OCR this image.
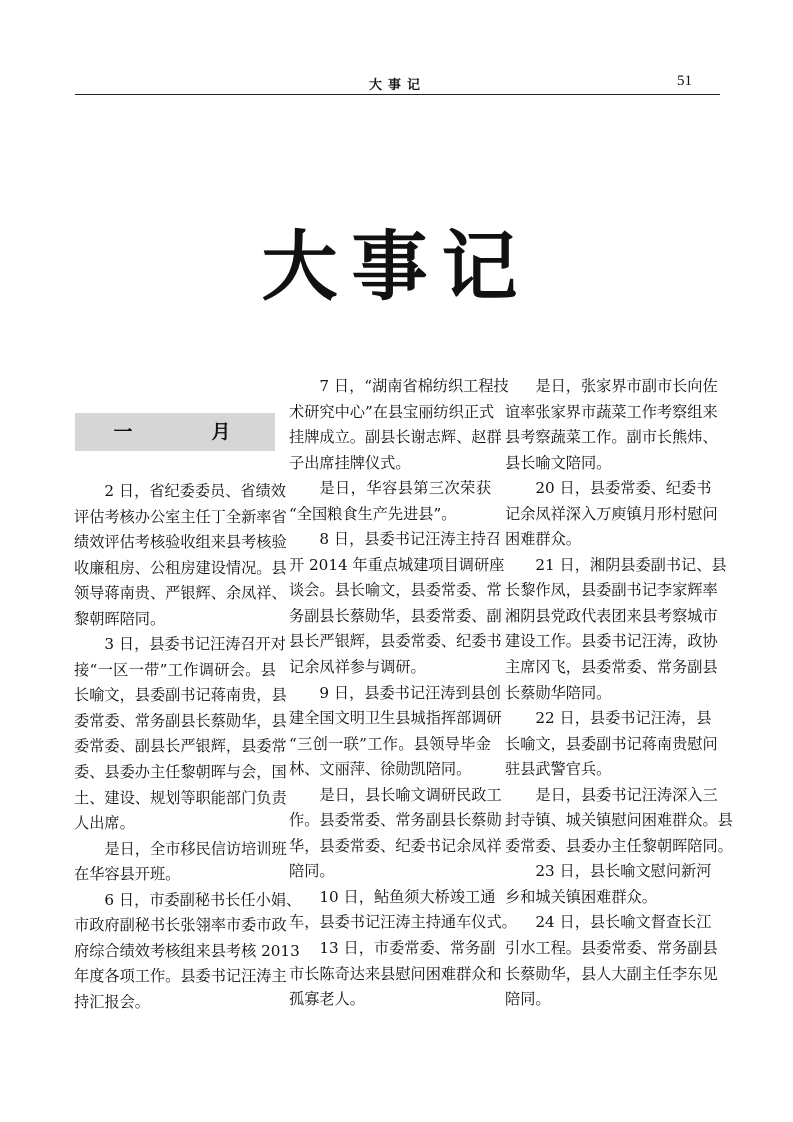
大事记	51
大事记
一　月
2 日，省纪委委员、省绩效
评估考核办公室主任丁全新率省
绩效评估考核验收组来县考核验
收廉租房、公租房建设情况。县
领导蒋南贵、严银辉、余凤祥、
黎朝晖陪同。
3 日，县委书记汪涛召开对
接“一区一带”工作调研会。县
长喻文，县委副书记蒋南贵，县
委常委、常务副县长蔡勋华，县
委常委、副县长严银辉，县委常
委、县委办主任黎朝晖与会，国
土、建设、规划等职能部门负责
人出席。
是日，全市移民信访培训班
在华容县开班。
6 日，市委副秘书长任小娟、
市政府副秘书长张翎率市委市政
府综合绩效考核组来县考核 2013
年度各项工作。县委书记汪涛主
持汇报会。
7 日，“湖南省棉纺织工程技
术研究中心”在县宝丽纺织正式
挂牌成立。副县长谢志辉、赵群
子出席挂牌仪式。
是日，华容县第三次荣获
“全国粮食生产先进县”。
8 日，县委书记汪涛主持召
开 2014 年重点城建项目调研座
谈会。县长喻文，县委常委、常
务副县长蔡勋华，县委常委、副
县长严银辉，县委常委、纪委书
记余凤祥参与调研。
9 日，县委书记汪涛到县创
建全国文明卫生县城指挥部调研
“三创一联”工作。县领导毕金
林、文丽萍、徐勋凯陪同。
是日，县长喻文调研民政工
作。县委常委、常务副县长蔡勋
华，县委常委、纪委书记余凤祥
陪同。
10 日，鲇鱼须大桥竣工通
车，县委书记汪涛主持通车仪式。
13 日，市委常委、常务副
市长陈奇达来县慰问困难群众和
孤寡老人。
是日，张家界市副市长向佐
谊率张家界市蔬菜工作考察组来
县考察蔬菜工作。副市长熊炜、
县长喻文陪同。
20 日，县委常委、纪委书
记余凤祥深入万庾镇月形村慰问
困难群众。
21 日，湘阴县委副书记、县
长黎作凤，县委副书记李家辉率
湘阴县党政代表团来县考察城市
建设工作。县委书记汪涛，政协
主席冈飞，县委常委、常务副县
长蔡勋华陪同。
22 日，县委书记汪涛，县
长喻文，县委副书记蒋南贵慰问
驻县武警官兵。
是日，县委书记汪涛深入三
封寺镇、城关镇慰问困难群众。县
委常委、县委办主任黎朝晖陪同。
23 日，县长喻文慰问新河
乡和城关镇困难群众。
24 日，县长喻文督查长江
引水工程。县委常委、常务副县
长蔡勋华，县人大副主任李东见
陪同。
